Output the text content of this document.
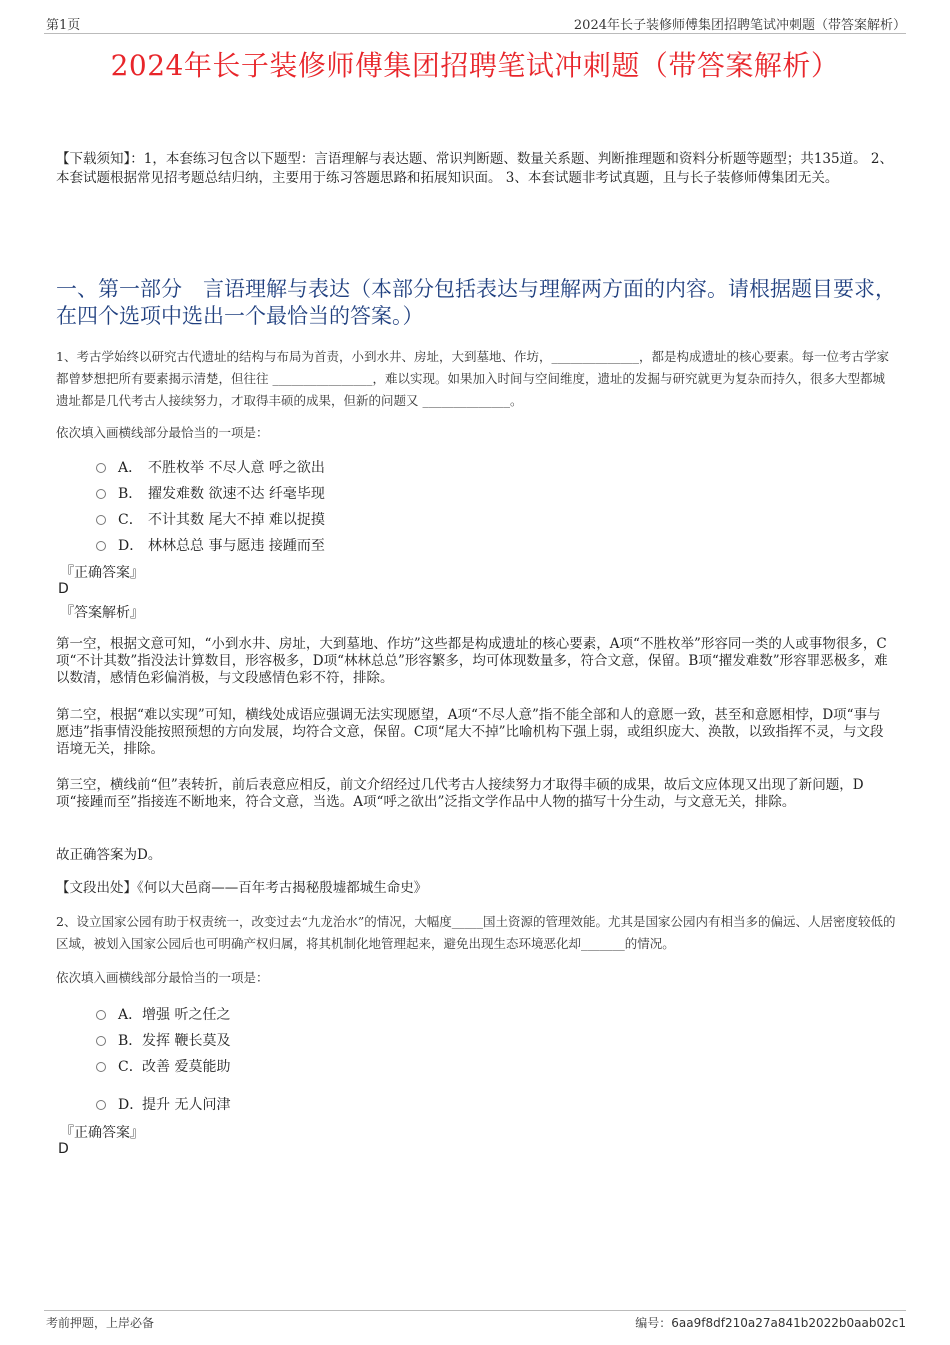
第1页	2024年长子装修师傅集团招聘笔试冲刺题（带答案解析）
2024年长子装修师傅集团招聘笔试冲刺题（带答案解析）
【下载须知】：1，本套练习包含以下题型：言语理解与表达题、常识判断题、数量关系题、判断推理题和资料分析题等题型；共135道。 2、本套试题根据常见招考题总结归纳，主要用于练习答题思路和拓展知识面。 3、本套试题非考试真题，且与长子装修师傅集团无关。
一、第一部分　言语理解与表达（本部分包括表达与理解两方面的内容。请根据题目要求，在四个选项中选出一个最恰当的答案。）
1、考古学始终以研究古代遗址的结构与布局为首责，小到水井、房址，大到墓地、作坊，______________，都是构成遗址的核心要素。每一位考古学家都曾梦想把所有要素揭示清楚，但往往 ________________，难以实现。如果加入时间与空间维度，遗址的发掘与研究就更为复杂而持久，很多大型都城遗址都是几代考古人接续努力，才取得丰硕的成果，但新的问题又 ______________。
依次填入画横线部分最恰当的一项是：
A． 不胜枚举 不尽人意 呼之欲出
B． 擢发难数 欲速不达 纤毫毕现
C． 不计其数 尾大不掉 难以捉摸
D． 林林总总 事与愿违 接踵而至
『正确答案』
D
『答案解析』
第一空，根据文意可知，“小到水井、房址，大到墓地、作坊”这些都是构成遗址的核心要素，A项“不胜枚举”形容同一类的人或事物很多，C项“不计其数”指没法计算数目，形容极多，D项“林林总总”形容繁多，均可体现数量多，符合文意，保留。B项“擢发难数”形容罪恶极多，难以数清，感情色彩偏消极，与文段感情色彩不符，排除。
第二空，根据“难以实现”可知，横线处成语应强调无法实现愿望，A项“不尽人意”指不能全部和人的意愿一致，甚至和意愿相悖，D项“事与愿违”指事情没能按照预想的方向发展，均符合文意，保留。C项“尾大不掉”比喻机构下强上弱，或组织庞大、涣散，以致指挥不灵，与文段语境无关，排除。
第三空，横线前“但”表转折，前后表意应相反，前文介绍经过几代考古人接续努力才取得丰硕的成果，故后文应体现又出现了新问题，D项“接踵而至”指接连不断地来，符合文意，当选。A项“呼之欲出”泛指文学作品中人物的描写十分生动，与文意无关，排除。
故正确答案为D。
【文段出处】《何以大邑商——百年考古揭秘殷墟都城生命史》
2、设立国家公园有助于权责统一，改变过去“九龙治水”的情况，大幅度_____国土资源的管理效能。尤其是国家公园内有相当多的偏远、人居密度较低的区域，被划入国家公园后也可明确产权归属，将其机制化地管理起来，避免出现生态环境恶化却_______的情况。
依次填入画横线部分最恰当的一项是：
A． 增强 听之任之
B． 发挥 鞭长莫及
C． 改善 爱莫能助
D．
提升 无人问津
『正确答案』
D
考前押题，上岸必备	编号：6aa9f8df210a27a841b2022b0aab02c1
